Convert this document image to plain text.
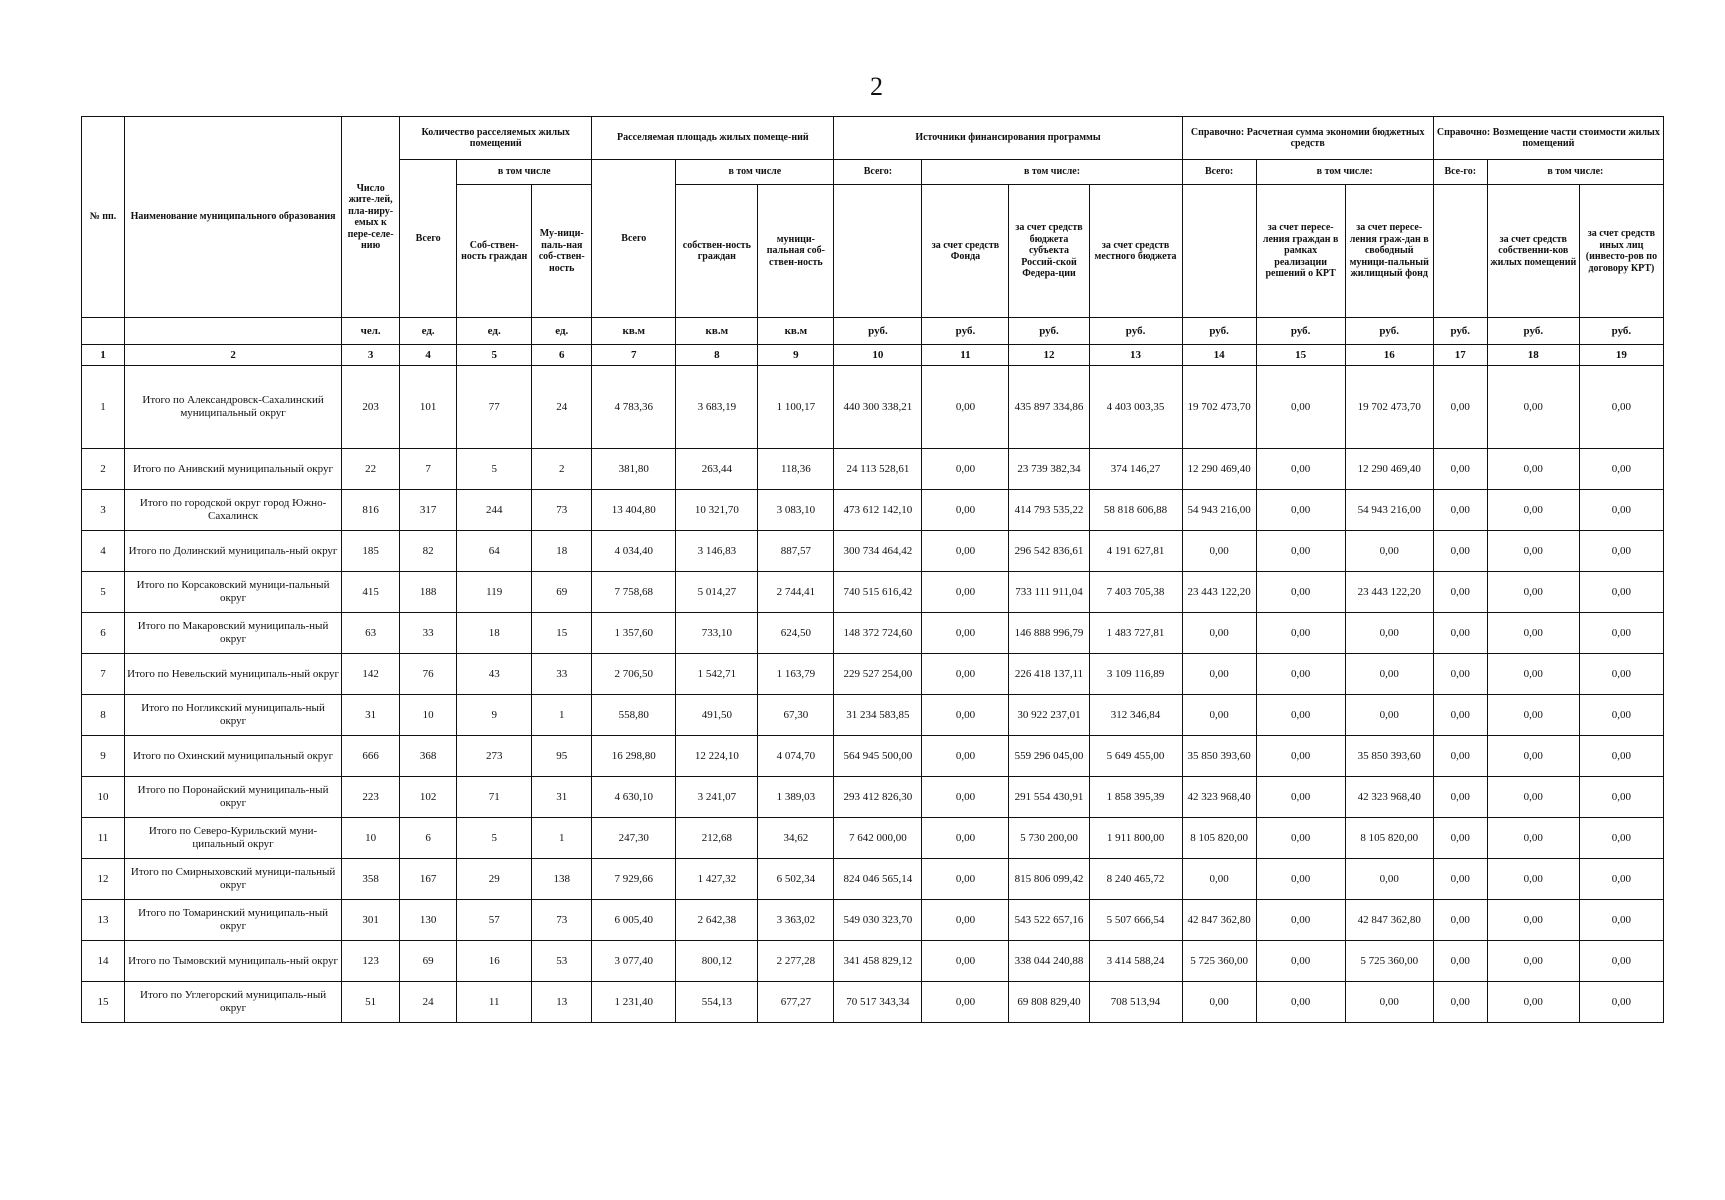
2
№ пп.	Наименование муниципального образования	Число жите-лей, пла-ниру-емых к пере-селе-нию	Количество расселяемых жилых помещений			Расселяемая площадь жилых помеще-ний			Источники финансирования программы				Справочно: Расчетная сумма экономии бюджетных средств			Справочно: Возмещение части стоимости жилых помещений		
			Всего	в том числе		Всего	в том числе		Всего:	в том числе:			Всего:	в том числе:		Все-го:	в том числе:	
				Соб-ствен-ность граждан	Му-ници-паль-ная соб-ствен-ность		собствен-ность граждан	муници-пальная соб-ствен-ность		за счет средств Фонда	за счет средств бюджета субъекта Россий-ской Федера-ции	за счет средств местного бюджета		за счет пересе-ления граждан в рамках реализации решений о КРТ	за счет пересе-ления граж-дан в свободный муници-пальный жилищный фонд		за счет средств собственни-ков жилых помещений	за счет средств иных лиц (инвесто-ров по договору КРТ)
		чел.	ед.	ед.	ед.	кв.м	кв.м	кв.м	руб.	руб.	руб.	руб.	руб.	руб.	руб.	руб.	руб.	руб.
1	2	3	4	5	6	7	8	9	10	11	12	13	14	15	16	17	18	19
1	Итого по Александровск-Сахалинский муниципальный округ	203	101	77	24	4 783,36	3 683,19	1 100,17	440 300 338,21	0,00	435 897 334,86	4 403 003,35	19 702 473,70	0,00	19 702 473,70	0,00	0,00	0,00
2	Итого по Анивский муниципальный округ	22	7	5	2	381,80	263,44	118,36	24 113 528,61	0,00	23 739 382,34	374 146,27	12 290 469,40	0,00	12 290 469,40	0,00	0,00	0,00
3	Итого по городской округ город Южно-Сахалинск	816	317	244	73	13 404,80	10 321,70	3 083,10	473 612 142,10	0,00	414 793 535,22	58 818 606,88	54 943 216,00	0,00	54 943 216,00	0,00	0,00	0,00
4	Итого по Долинский муниципаль-ный округ	185	82	64	18	4 034,40	3 146,83	887,57	300 734 464,42	0,00	296 542 836,61	4 191 627,81	0,00	0,00	0,00	0,00	0,00	0,00
5	Итого по Корсаковский муници-пальный округ	415	188	119	69	7 758,68	5 014,27	2 744,41	740 515 616,42	0,00	733 111 911,04	7 403 705,38	23 443 122,20	0,00	23 443 122,20	0,00	0,00	0,00
6	Итого по Макаровский муниципаль-ный округ	63	33	18	15	1 357,60	733,10	624,50	148 372 724,60	0,00	146 888 996,79	1 483 727,81	0,00	0,00	0,00	0,00	0,00	0,00
7	Итого по Невельский муниципаль-ный округ	142	76	43	33	2 706,50	1 542,71	1 163,79	229 527 254,00	0,00	226 418 137,11	3 109 116,89	0,00	0,00	0,00	0,00	0,00	0,00
8	Итого по Ногликский муниципаль-ный округ	31	10	9	1	558,80	491,50	67,30	31 234 583,85	0,00	30 922 237,01	312 346,84	0,00	0,00	0,00	0,00	0,00	0,00
9	Итого по Охинский муниципальный округ	666	368	273	95	16 298,80	12 224,10	4 074,70	564 945 500,00	0,00	559 296 045,00	5 649 455,00	35 850 393,60	0,00	35 850 393,60	0,00	0,00	0,00
10	Итого по Поронайский муниципаль-ный округ	223	102	71	31	4 630,10	3 241,07	1 389,03	293 412 826,30	0,00	291 554 430,91	1 858 395,39	42 323 968,40	0,00	42 323 968,40	0,00	0,00	0,00
11	Итого по Северо-Курильский муни-ципальный округ	10	6	5	1	247,30	212,68	34,62	7 642 000,00	0,00	5 730 200,00	1 911 800,00	8 105 820,00	0,00	8 105 820,00	0,00	0,00	0,00
12	Итого по Смирныховский муници-пальный округ	358	167	29	138	7 929,66	1 427,32	6 502,34	824 046 565,14	0,00	815 806 099,42	8 240 465,72	0,00	0,00	0,00	0,00	0,00	0,00
13	Итого по Томаринский муниципаль-ный округ	301	130	57	73	6 005,40	2 642,38	3 363,02	549 030 323,70	0,00	543 522 657,16	5 507 666,54	42 847 362,80	0,00	42 847 362,80	0,00	0,00	0,00
14	Итого по Тымовский муниципаль-ный округ	123	69	16	53	3 077,40	800,12	2 277,28	341 458 829,12	0,00	338 044 240,88	3 414 588,24	5 725 360,00	0,00	5 725 360,00	0,00	0,00	0,00
15	Итого по Углегорский муниципаль-ный округ	51	24	11	13	1 231,40	554,13	677,27	70 517 343,34	0,00	69 808 829,40	708 513,94	0,00	0,00	0,00	0,00	0,00	0,00
